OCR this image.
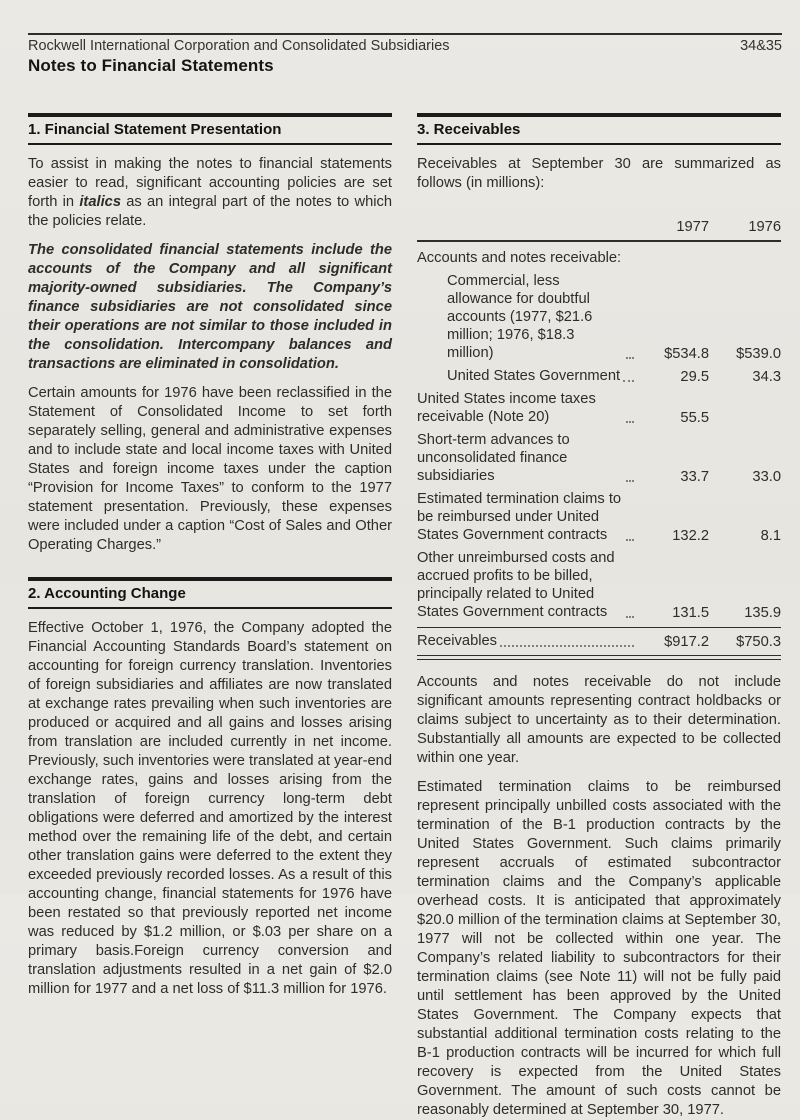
Rockwell International Corporation and Consolidated Subsidiaries	34&35
Notes to Financial Statements
1. Financial Statement Presentation

To assist in making the notes to financial statements easier to read, significant accounting policies are set forth in italics as an integral part of the notes to which the policies relate.

The consolidated financial statements include the accounts of the Company and all significant majority-owned subsidiaries. The Company’s finance subsidiaries are not consolidated since their operations are not similar to those included in the consolidation. Intercompany balances and transactions are eliminated in consolidation.

Certain amounts for 1976 have been reclassified in the Statement of Consolidated Income to set forth separately selling, general and administrative expenses and to include state and local income taxes with United States and foreign income taxes under the caption “Provision for Income Taxes” to conform to the 1977 statement presentation. Previously, these expenses were included under a caption “Cost of Sales and Other Operating Charges.”

2. Accounting Change

Effective October 1, 1976, the Company adopted the Financial Accounting Standards Board’s statement on accounting for foreign currency translation. Inventories of foreign subsidiaries and affiliates are now translated at exchange rates prevailing when such inventories are produced or acquired and all gains and losses arising from translation are included currently in net income. Previously, such inventories were translated at year-end exchange rates, gains and losses arising from the translation of foreign currency long-term debt obligations were deferred and amortized by the interest method over the remaining life of the debt, and certain other translation gains were deferred to the extent they exceeded previously recorded losses. As a result of this accounting change, financial statements for 1976 have been restated so that previously reported net income was reduced by $1.2 million, or $.03 per share on a primary basis.Foreign currency conversion and translation adjustments resulted in a net gain of $2.0 million for 1977 and a net loss of $11.3 million for 1976.

3. Receivables

Receivables at September 30 are summarized as follows (in millions):

1977	1976
Accounts and notes receivable:
Commercial, less allowance for doubtful accounts (1977, $21.6 million; 1976, $18.3 million)	$534.8	$539.0
United States Government	29.5	34.3
United States income taxes receivable (Note 20)	55.5
Short-term advances to unconsolidated finance subsidiaries	33.7	33.0
Estimated termination claims to be reimbursed under United States Government contracts	132.2	8.1
Other unreimbursed costs and accrued profits to be billed, principally related to United States Government contracts	131.5	135.9
Receivables	$917.2	$750.3

Accounts and notes receivable do not include significant amounts representing contract holdbacks or claims subject to uncertainty as to their determination. Substantially all amounts are expected to be collected within one year.

Estimated termination claims to be reimbursed represent principally unbilled costs associated with the termination of the B-1 production contracts by the United States Government. Such claims primarily represent accruals of estimated subcontractor termination claims and the Company’s applicable overhead costs. It is anticipated that approximately $20.0 million of the termination claims at September 30, 1977 will not be collected within one year. The Company’s related liability to subcontractors for their termination claims (see Note 11) will not be fully paid until settlement has been approved by the United States Government. The Company expects that substantial additional termination costs relating to the B-1 production contracts will be incurred for which full recovery is expected from the United States Government. The amount of such costs cannot be reasonably determined at September 30, 1977.
